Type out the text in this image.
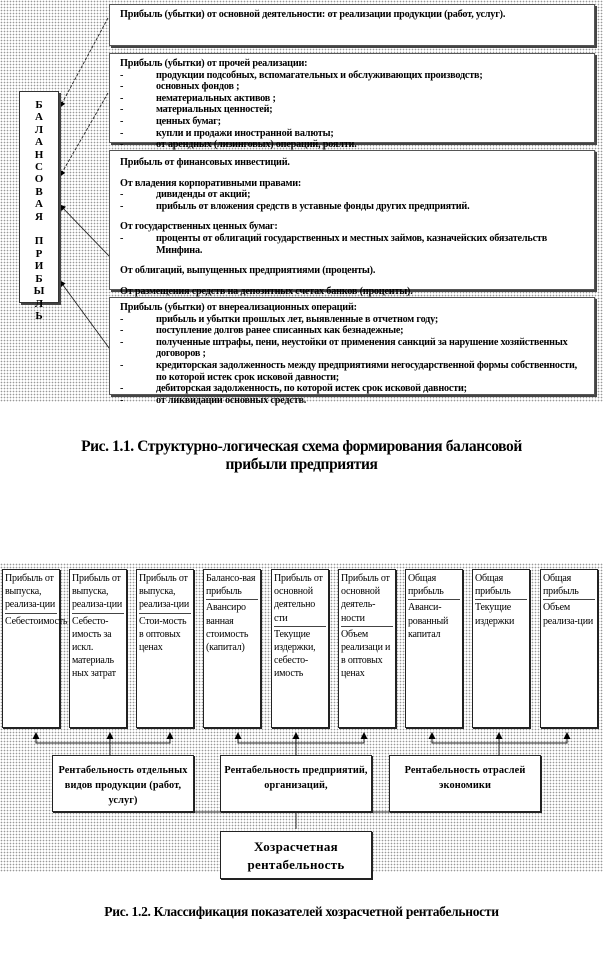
Б
А
Л
А
Н
С
О
В
А
Я

П
Р
И
Б
Ы
Л
Ь

Прибыль (убытки) от основной деятельности: от реализации продукции (работ, услуг).

Прибыль (убытки) от прочей реализации:

- продукции подсобных, вспомагательных и обслуживающих производств;

- основных фондов ;

- нематериальных активов ;

- материальных ценностей;

- ценных бумаг;

- купли и продажи иностранной валюты;

- от арендных (лизинговых) операций, роялти.

Прибыль от финансовых инвестиций.

От владения корпоративными правами:

- дивиденды от акций;

- прибыль от вложения средств в уставные фонды других предприятий.

От государственных ценных бумаг:

- проценты от облигаций государственных и местных займов, казначейских обязательств Минфина.

От облигаций, выпущенных предприятиями (проценты).

От размещения средств на депозитных счетах банков (проценты).

Прибыль (убытки) от внереализационных операций:

- прибыль и убытки прошлых лет, выявленные в отчетном году;

- поступление долгов ранее списанных как безнадежные;

- полученные штрафы, пени, неустойки от применения санкций за нарушение хозяйственных договоров ;

- кредиторская задолженность между предприятиями негосударственной формы собственности, по которой истек срок исковой давности;

- дебиторская задолженность, по которой истек срок исковой давности;

- от ликвидации основных средств.

Рис. 1.1. Структурно-логическая схема формирования балансовой
прибыли предприятия
Прибыль от выпуска, реализа-ции
Себестоимость
Прибыль от выпуска, реализа-ции
Себесто-имость за искл. материаль ных затрат
Прибыль от выпуска, реализа-ции
Стои-мость в оптовых ценах
Балансо-вая прибыль
Авансиро ванная стоимость (капитал)
Прибыль от основной деятельно сти
Текущие издержки, себесто-имость
Прибыль от основной деятель-ности
Объем реализаци и в оптовых ценах
Общая прибыль
Аванси-рованный капитал
Общая прибыль
Текущие издержки
Общая прибыль
Объем реализа-ции
Рентабельность отдельных видов продукции (работ, услуг)
Рентабельность предприятий, организаций,
Рентабельность отраслей экономики
Хозрасчетная рентабельность
Рис. 1.2. Классификация показателей хозрасчетной рентабельности
